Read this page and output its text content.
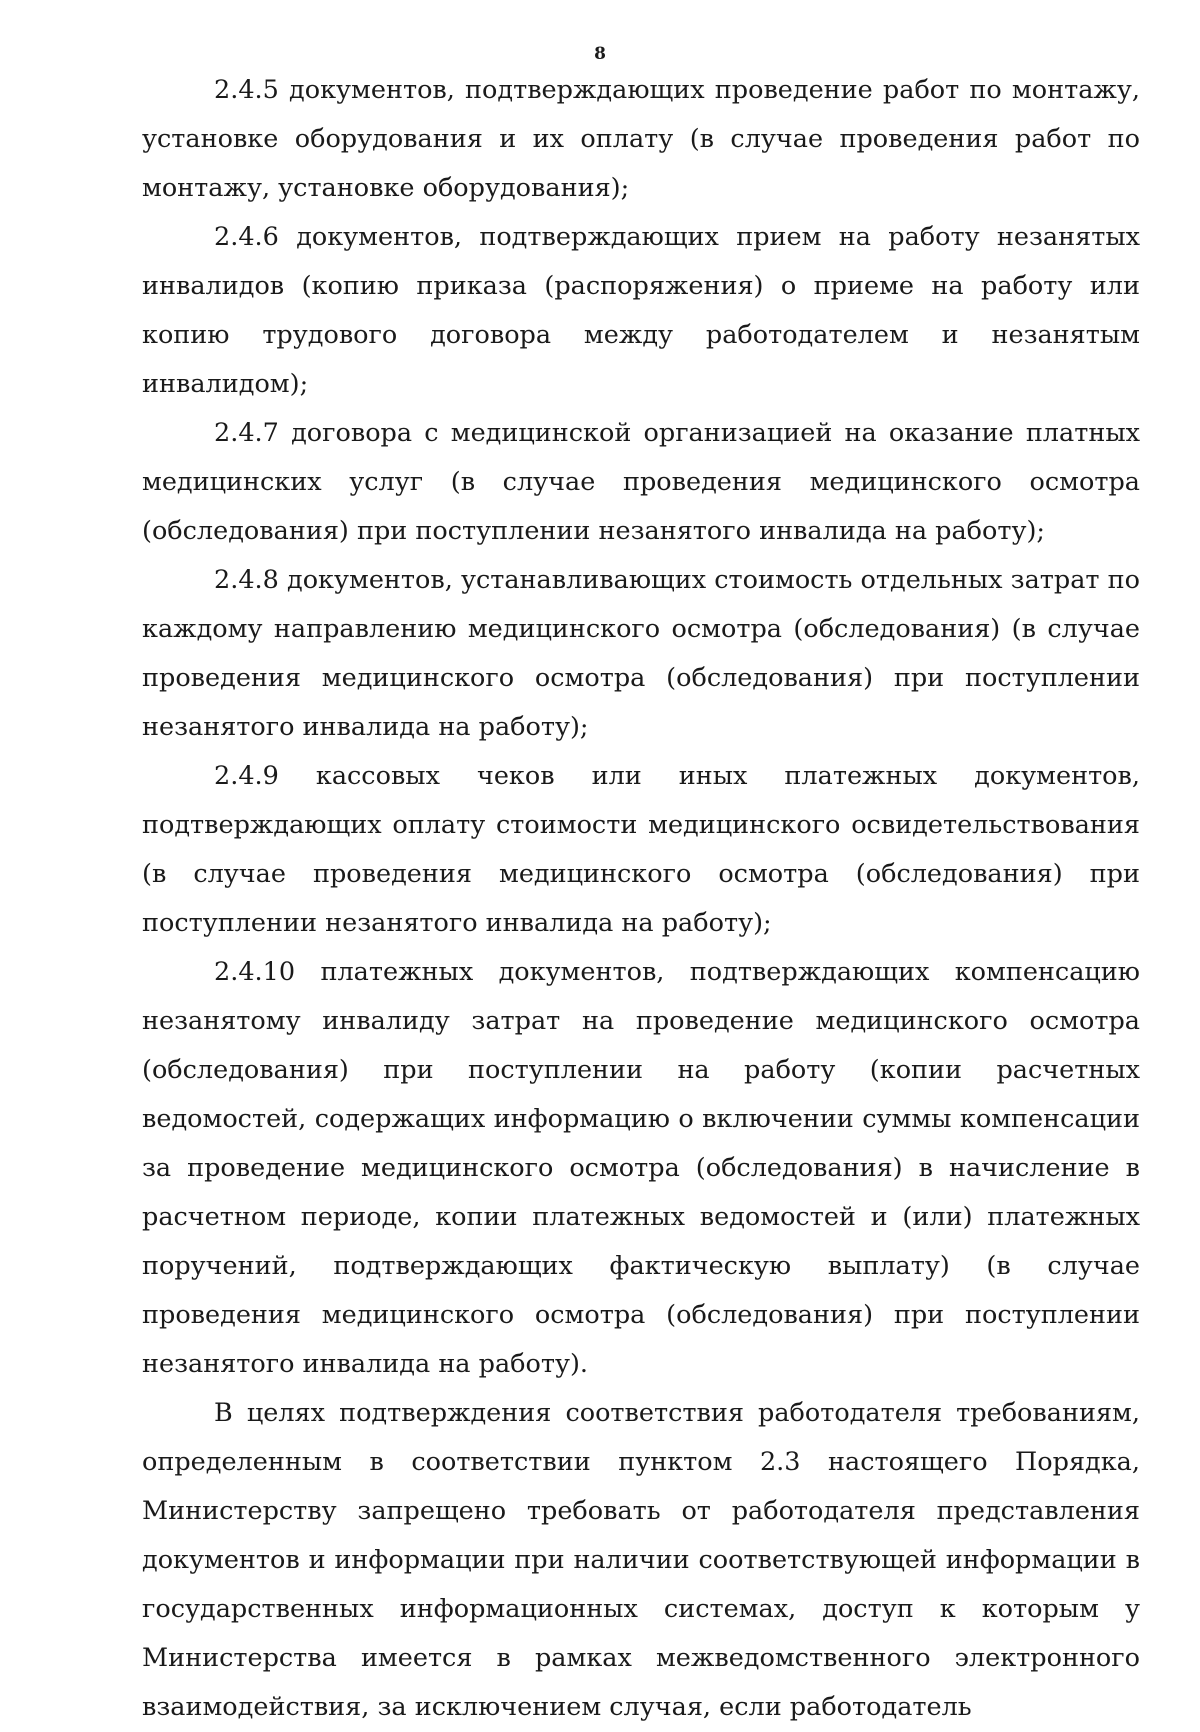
8

2.4.5 документов, подтверждающих проведение работ по монтажу, установке оборудования и их оплату (в случае проведения работ по монтажу, установке оборудования);

2.4.6 документов, подтверждающих прием на работу незанятых инвалидов (копию приказа (распоряжения) о приеме на работу или копию трудового договора между работодателем и незанятым инвалидом);

2.4.7 договора с медицинской организацией на оказание платных медицинских услуг (в случае проведения медицинского осмотра (обследования) при поступлении незанятого инвалида на работу);

2.4.8 документов, устанавливающих стоимость отдельных затрат по каждому направлению медицинского осмотра (обследования) (в случае проведения медицинского осмотра (обследования) при поступлении незанятого инвалида на работу);

2.4.9 кассовых чеков или иных платежных документов, подтверждающих оплату стоимости медицинского освидетельствования (в случае проведения медицинского осмотра (обследования) при поступлении незанятого инвалида на работу);

2.4.10 платежных документов, подтверждающих компенсацию незанятому инвалиду затрат на проведение медицинского осмотра (обследования) при поступлении на работу (копии расчетных ведомостей, содержащих информацию о включении суммы компенсации за проведение медицинского осмотра (обследования) в начисление в расчетном периоде, копии платежных ведомостей и (или) платежных поручений, подтверждающих фактическую выплату) (в случае проведения медицинского осмотра (обследования) при поступлении незанятого инвалида на работу).

В целях подтверждения соответствия работодателя требованиям, определенным в соответствии пунктом 2.3 настоящего Порядка, Министерству запрещено требовать от работодателя представления документов и информации при наличии соответствующей информации в государственных информационных системах, доступ к которым у Министерства имеется в рамках межведомственного электронного взаимодействия, за исключением случая, если работодатель
